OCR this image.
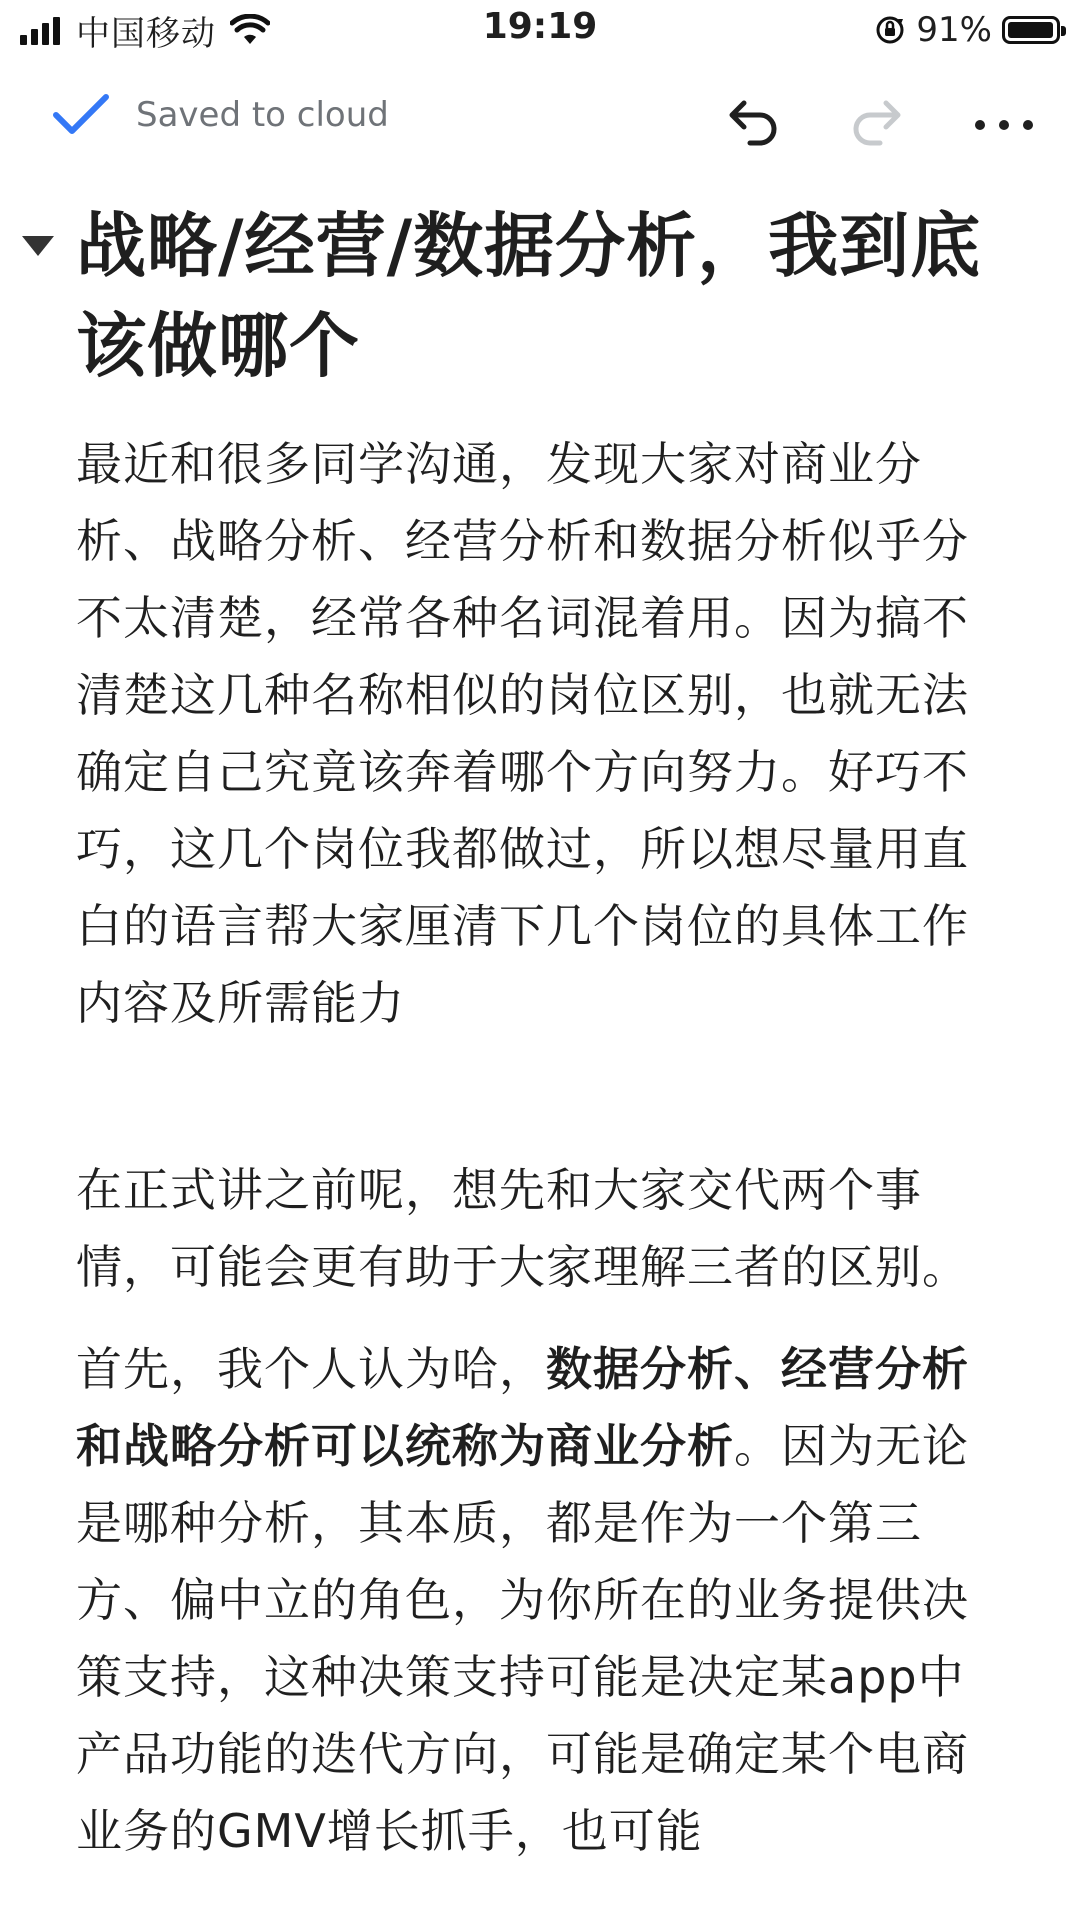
中国移动	19:19	91%
Saved to cloud
战略/经营/数据分析，我到底该做哪个

最近和很多同学沟通，发现大家对商业分析、战略分析、经营分析和数据分析似乎分不太清楚，经常各种名词混着用。因为搞不清楚这几种名称相似的岗位区别，也就无法确定自己究竟该奔着哪个方向努力。好巧不巧，这几个岗位我都做过，所以想尽量用直白的语言帮大家厘清下几个岗位的具体工作内容及所需能力

在正式讲之前呢，想先和大家交代两个事情，可能会更有助于大家理解三者的区别。

首先，我个人认为哈，数据分析、经营分析和战略分析可以统称为商业分析。因为无论是哪种分析，其本质，都是作为一个第三方、偏中立的角色，为你所在的业务提供决策支持，这种决策支持可能是决定某app中产品功能的迭代方向，可能是确定某个电商业务的GMV增长抓手，也可能
